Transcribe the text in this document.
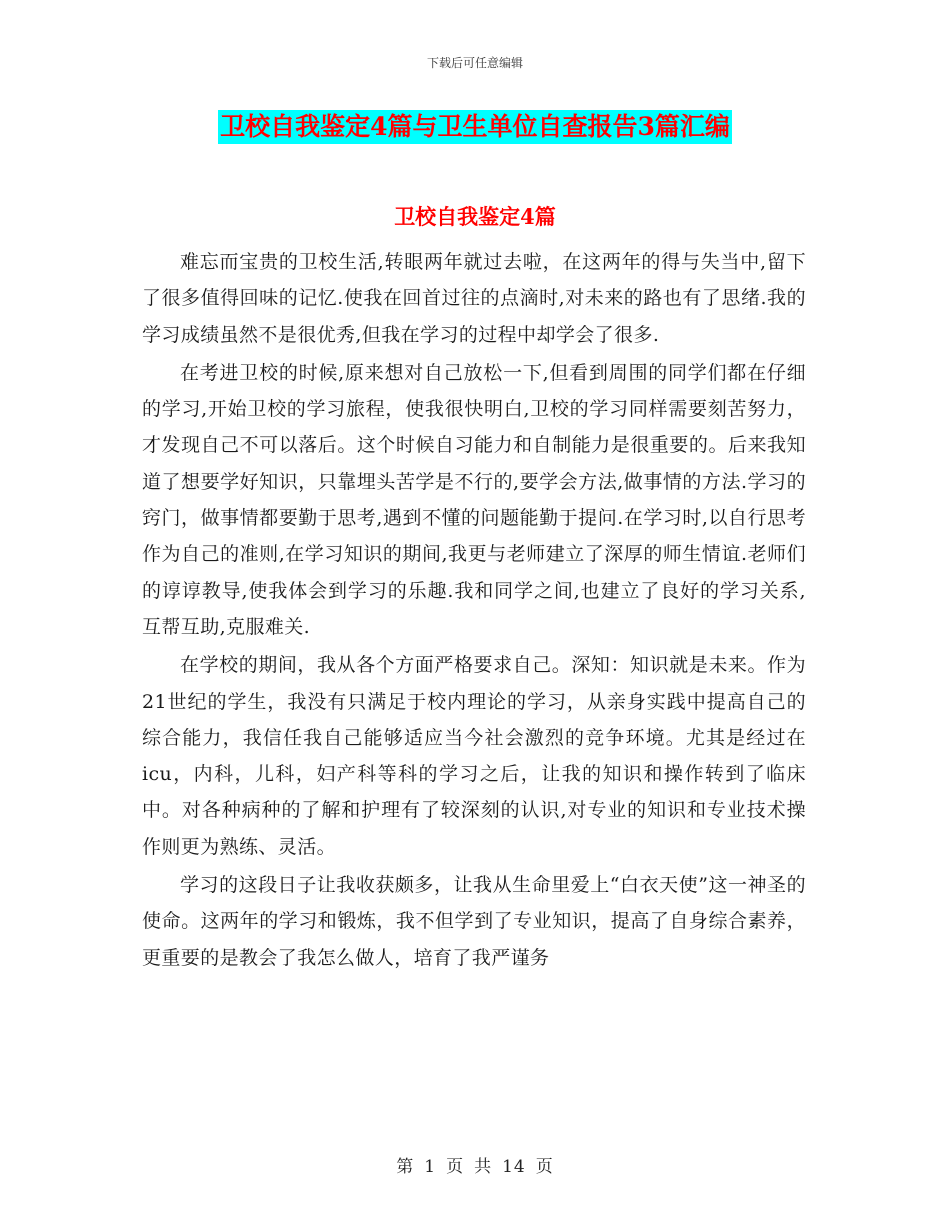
下载后可任意编辑
卫校自我鉴定4篇与卫生单位自查报告3篇汇编
卫校自我鉴定4篇

难忘而宝贵的卫校生活,转眼两年就过去啦，在这两年的得与失当中,留下了很多值得回味的记忆.使我在回首过往的点滴时,对未来的路也有了思绪.我的学习成绩虽然不是很优秀,但我在学习的过程中却学会了很多.

在考进卫校的时候,原来想对自己放松一下,但看到周围的同学们都在仔细的学习,开始卫校的学习旅程，使我很快明白,卫校的学习同样需要刻苦努力，才发现自己不可以落后。这个时候自习能力和自制能力是很重要的。后来我知道了想要学好知识，只靠埋头苦学是不行的,要学会方法,做事情的方法.学习的窍门，做事情都要勤于思考,遇到不懂的问题能勤于提问.在学习时,以自行思考作为自己的准则,在学习知识的期间,我更与老师建立了深厚的师生情谊.老师们的谆谆教导,使我体会到学习的乐趣.我和同学之间,也建立了良好的学习关系,互帮互助,克服难关.

在学校的期间，我从各个方面严格要求自己。深知：知识就是未来。作为21世纪的学生，我没有只满足于校内理论的学习，从亲身实践中提高自己的综合能力，我信任我自己能够适应当今社会激烈的竞争环境。尤其是经过在icu，内科，儿科，妇产科等科的学习之后，让我的知识和操作转到了临床中。对各种病种的了解和护理有了较深刻的认识,对专业的知识和专业技术操作则更为熟练、灵活。

学习的这段日子让我收获颇多，让我从生命里爱上“白衣天使”这一神圣的使命。这两年的学习和锻炼，我不但学到了专业知识，提高了自身综合素养，更重要的是教会了我怎么做人，培育了我严谨务

第 1 页 共 14 页
